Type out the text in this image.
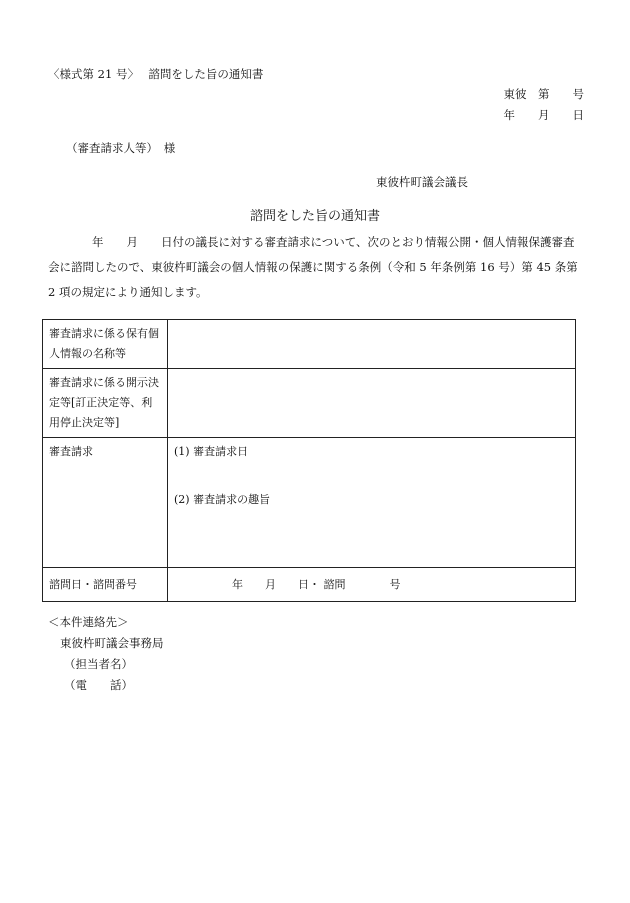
〈様式第 21 号〉　 諮問をした旨の通知書
東彼　第　　号
年　　月　　日
（審査請求人等）　様
東彼杵町議会議長
諮問をした旨の通知書
年　　月　　日付の議長に対する審査請求について、次のとおり情報公開・個人情報保護審査会に諮問したので、東彼杵町議会の個人情報の保護に関する条例（令和 5 年条例第 16 号）第 45 条第 2 項の規定により通知します。
審査請求に係る保有個人情報の名称等	
審査請求に係る開示決定等[訂正決定等、利用停止決定等]	
審査請求	(1) 審査請求日
(2) 審査請求の趣旨
諮問日・諮問番号	年　　月　　日・ 諮問　　　　号
＜本件連絡先＞
東彼杵町議会事務局
（担当者名）
（電　　話）
